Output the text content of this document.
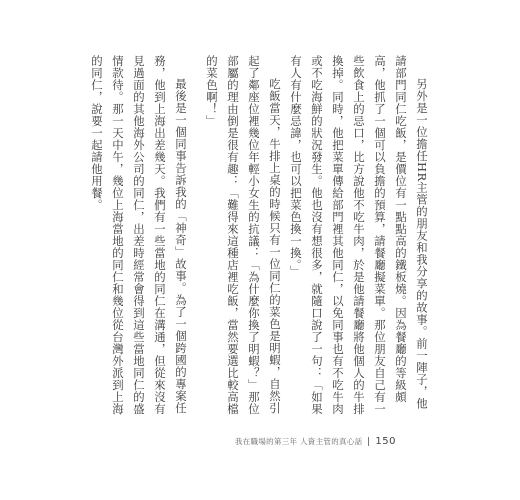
另外是一位擔任HR主管的朋友和我分享的故事。前一陣子，他請部門同仁吃飯，是價位有一點點高的鐵板燒。因為餐廳的等級頗高，他抓了一個可以負擔的預算，請餐廳擬菜單。那位朋友自己有一些飲食上的忌口，比方說他不吃牛肉，於是他請餐廳將他個人的牛排換掉。同時，他把菜單傳給部門裡其他同仁，以免同事也有不吃牛肉或不吃海鮮的狀況發生。他也沒有想很多，就隨口說了一句：「如果有人有什麼忌諱，也可以把菜色換一換。」

吃飯當天，牛排上桌的時候只有一位同仁的菜色是明蝦，自然引起了鄰座位裡幾位年輕小女生的抗議：「為什麼你換了明蝦？」那位部屬的理由倒是很有趣：「難得來這種店裡吃飯，當然要選比較高檔的菜色啊！」

最後是一個同事告訴我的「神奇」故事。為了一個跨國的專案任務，他到上海出差幾天。我們有一些當地的同仁在溝通，但從來沒有見過面的其他海外公司的同仁，出差時經常會得到這些當地同仁的盛情款待。那一天中午，幾位上海當地的同仁和幾位從台灣外派到上海的同仁，說要一起請他用餐。

我在職場的第三年 人資主管的真心話 150
